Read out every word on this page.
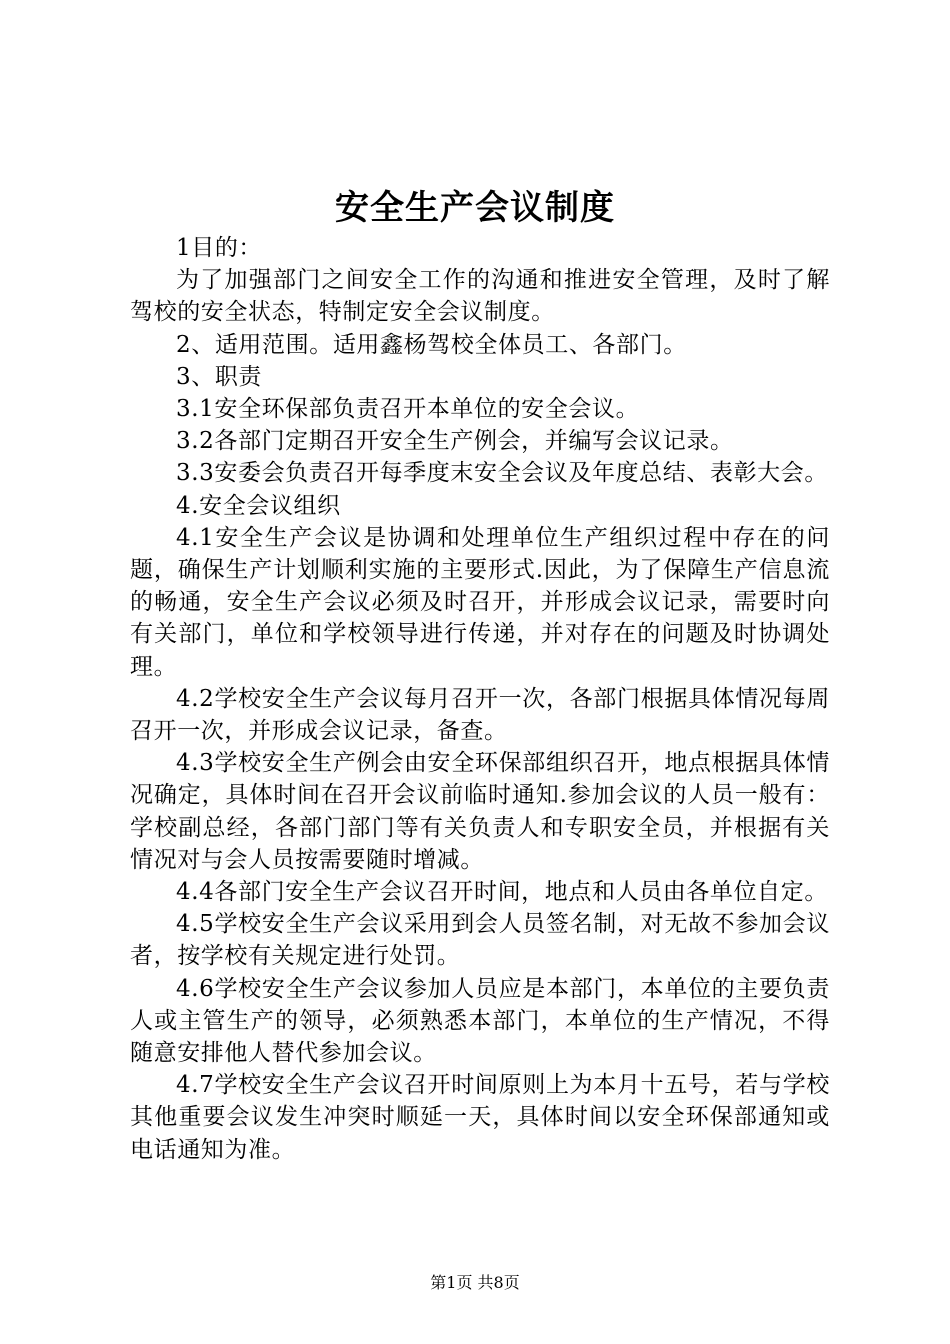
安全生产会议制度

1目的：

为了加强部门之间安全工作的沟通和推进安全管理，及时了解驾校的安全状态，特制定安全会议制度。

2、适用范围。适用鑫杨驾校全体员工、各部门。

3、职责

3.1安全环保部负责召开本单位的安全会议。

3.2各部门定期召开安全生产例会，并编写会议记录。

3.3安委会负责召开每季度末安全会议及年度总结、表彰大会。

4.安全会议组织

4.1安全生产会议是协调和处理单位生产组织过程中存在的问题，确保生产计划顺利实施的主要形式.因此，为了保障生产信息流的畅通，安全生产会议必须及时召开，并形成会议记录，需要时向有关部门，单位和学校领导进行传递，并对存在的问题及时协调处理。

4.2学校安全生产会议每月召开一次，各部门根据具体情况每周召开一次，并形成会议记录，备查。

4.3学校安全生产例会由安全环保部组织召开，地点根据具体情况确定，具体时间在召开会议前临时通知.参加会议的人员一般有：学校副总经，各部门部门等有关负责人和专职安全员，并根据有关情况对与会人员按需要随时增减。

4.4各部门安全生产会议召开时间，地点和人员由各单位自定。

4.5学校安全生产会议采用到会人员签名制，对无故不参加会议者，按学校有关规定进行处罚。

4.6学校安全生产会议参加人员应是本部门，本单位的主要负责人或主管生产的领导，必须熟悉本部门，本单位的生产情况，不得随意安排他人替代参加会议。

4.7学校安全生产会议召开时间原则上为本月十五号，若与学校其他重要会议发生冲突时顺延一天，具体时间以安全环保部通知或电话通知为准。

第1页 共8页
